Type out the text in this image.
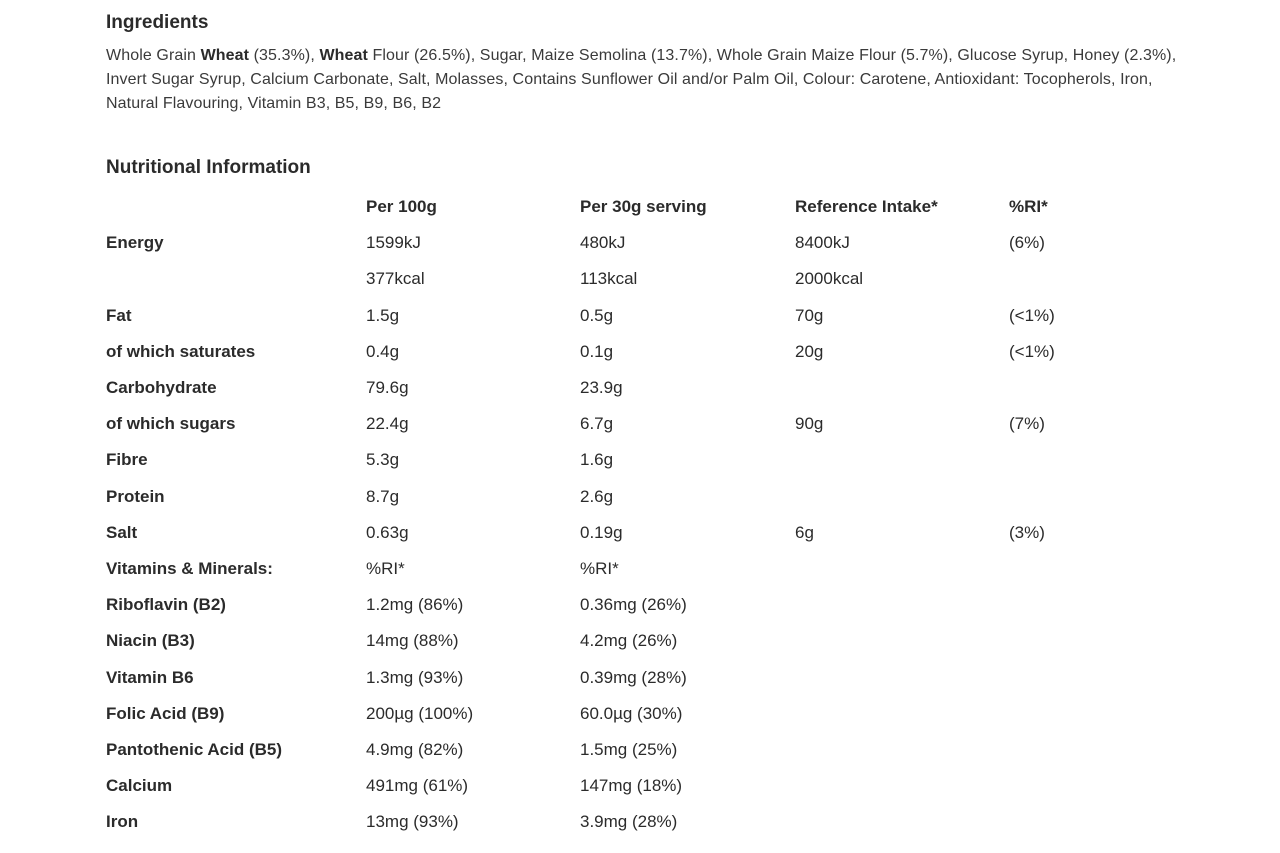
Ingredients

Whole Grain Wheat (35.3%), Wheat Flour (26.5%), Sugar, Maize Semolina (13.7%), Whole Grain Maize Flour (5.7%), Glucose Syrup, Honey (2.3%), Invert Sugar Syrup, Calcium Carbonate, Salt, Molasses, Contains Sunflower Oil and/or Palm Oil, Colour: Carotene, Antioxidant: Tocopherols, Iron, Natural Flavouring, Vitamin B3, B5, B9, B6, B2

Nutritional Information
	Per 100g	Per 30g serving	Reference Intake*	%RI*
Energy	1599kJ	480kJ	8400kJ	(6%)
	377kcal	113kcal	2000kcal	
Fat	1.5g	0.5g	70g	(<1%)
of which saturates	0.4g	0.1g	20g	(<1%)
Carbohydrate	79.6g	23.9g		
of which sugars	22.4g	6.7g	90g	(7%)
Fibre	5.3g	1.6g		
Protein	8.7g	2.6g		
Salt	0.63g	0.19g	6g	(3%)
Vitamins & Minerals:	%RI*	%RI*		
Riboflavin (B2)	1.2mg (86%)	0.36mg (26%)		
Niacin (B3)	14mg (88%)	4.2mg (26%)		
Vitamin B6	1.3mg (93%)	0.39mg (28%)		
Folic Acid (B9)	200µg (100%)	60.0µg (30%)		
Pantothenic Acid (B5)	4.9mg (82%)	1.5mg (25%)		
Calcium	491mg (61%)	147mg (18%)		
Iron	13mg (93%)	3.9mg (28%)		
